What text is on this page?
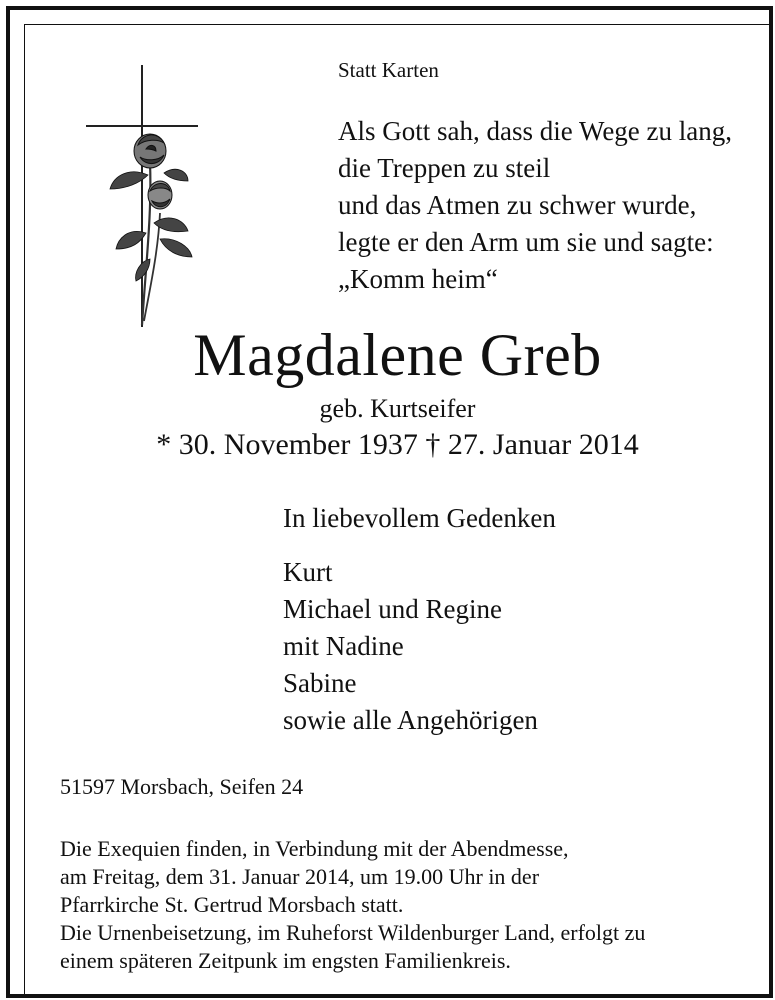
Statt Karten
Als Gott sah, dass die Wege zu lang,
die Treppen zu steil
und das Atmen zu schwer wurde,
legte er den Arm um sie und sagte:
„Komm heim“
Magdalene Greb
geb. Kurtseifer
* 30. November 1937 † 27. Januar 2014
In liebevollem Gedenken
Kurt
Michael und Regine
mit Nadine
Sabine
sowie alle Angehörigen
51597 Morsbach, Seifen 24
Die Exequien finden, in Verbindung mit der Abendmesse,
am Freitag, dem 31. Januar 2014, um 19.00 Uhr in der
Pfarrkirche St. Gertrud Morsbach statt.
Die Urnenbeisetzung, im Ruheforst Wildenburger Land, erfolgt zu
einem späteren Zeitpunk im engsten Familienkreis.
